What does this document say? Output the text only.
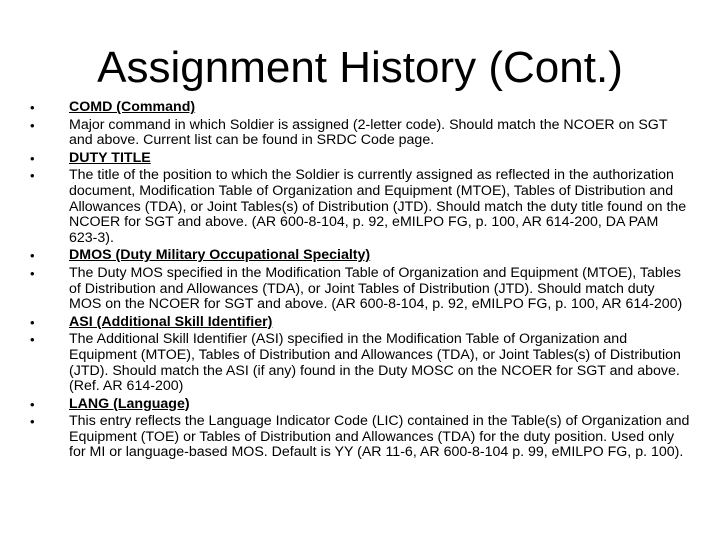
Assignment History (Cont.)
•	COMD (Command)
•	Major command in which Soldier is assigned (2-letter code). Should match the NCOER on SGT and above. Current list can be found in SRDC Code page.
•	DUTY TITLE
•	The title of the position to which the Soldier is currently assigned as reflected in the authorization document, Modification Table of Organization and Equipment (MTOE), Tables of Distribution and Allowances (TDA), or Joint Tables(s) of Distribution (JTD). Should match the duty title found on the NCOER for SGT and above. (AR 600-8-104, p. 92, eMILPO FG, p. 100, AR 614-200, DA PAM 623-3).
•	DMOS (Duty Military Occupational Specialty)
•	The Duty MOS specified in the Modification Table of Organization and Equipment (MTOE), Tables of Distribution and Allowances (TDA), or Joint Tables of Distribution (JTD). Should match duty MOS on the NCOER for SGT and above. (AR 600-8-104, p. 92, eMILPO FG, p. 100, AR 614-200)
•	ASI (Additional Skill Identifier)
•	The Additional Skill Identifier (ASI) specified in the Modification Table of Organization and Equipment (MTOE), Tables of Distribution and Allowances (TDA), or Joint Tables(s) of Distribution (JTD). Should match the ASI (if any) found in the Duty MOSC on the NCOER for SGT and above. (Ref. AR 614-200)
•	LANG (Language)
•	This entry reflects the Language Indicator Code (LIC) contained in the Table(s) of Organization and Equipment (TOE) or Tables of Distribution and Allowances (TDA) for the duty position. Used only for MI or language-based MOS. Default is YY (AR 11-6, AR 600-8-104 p. 99, eMILPO FG, p. 100).
